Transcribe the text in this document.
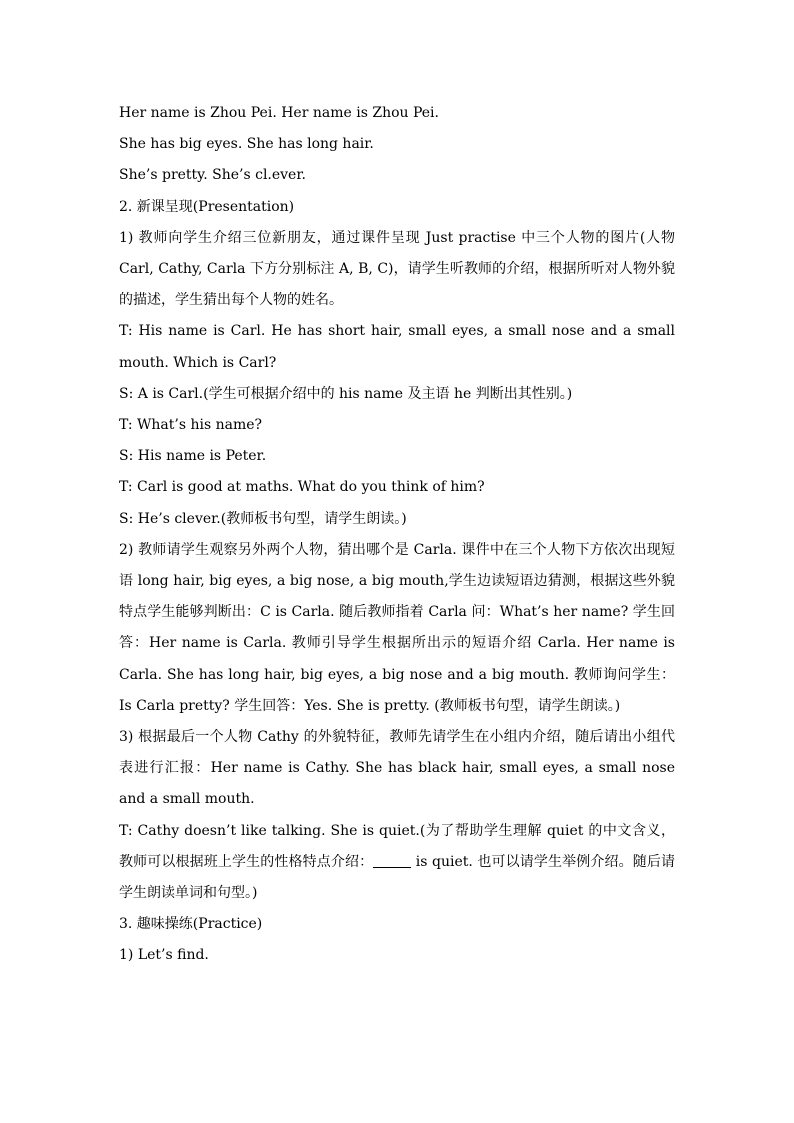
Her name is Zhou Pei. Her name is Zhou Pei.

She has big eyes. She has long hair.

She’s pretty. She’s cl.ever.

2. 新课呈现(Presentation)

1) 教师向学生介绍三位新朋友，通过课件呈现 Just practise 中三个人物的图片(人物 Carl, Cathy, Carla 下方分别标注 A, B, C)，请学生听教师的介绍，根据所听对人物外貌的描述，学生猜出每个人物的姓名。

T: His name is Carl. He has short hair, small eyes, a small nose and a small mouth. Which is Carl?

S: A is Carl.(学生可根据介绍中的 his name 及主语 he 判断出其性别。)

T: What’s his name?

S: His name is Peter.

T: Carl is good at maths. What do you think of him?

S: He’s clever.(教师板书句型，请学生朗读。)

2) 教师请学生观察另外两个人物，猜出哪个是 Carla. 课件中在三个人物下方依次出现短语 long hair, big eyes, a big nose, a big mouth,学生边读短语边猜测，根据这些外貌特点学生能够判断出：C is Carla. 随后教师指着 Carla 问：What’s her name? 学生回答：Her name is Carla. 教师引导学生根据所出示的短语介绍 Carla. Her name is Carla. She has long hair, big eyes, a big nose and a big mouth. 教师询问学生：Is Carla pretty? 学生回答：Yes. She is pretty. (教师板书句型，请学生朗读。)

3) 根据最后一个人物 Cathy 的外貌特征，教师先请学生在小组内介绍，随后请出小组代表进行汇报：Her name is Cathy. She has black hair, small eyes, a small nose and a small mouth.

T: Cathy doesn’t like talking. She is quiet.(为了帮助学生理解 quiet 的中文含义，教师可以根据班上学生的性格特点介绍：	is quiet. 也可以请学生举例介绍。随后请学生朗读单词和句型。)

3. 趣味操练(Practice)

1) Let’s find.
